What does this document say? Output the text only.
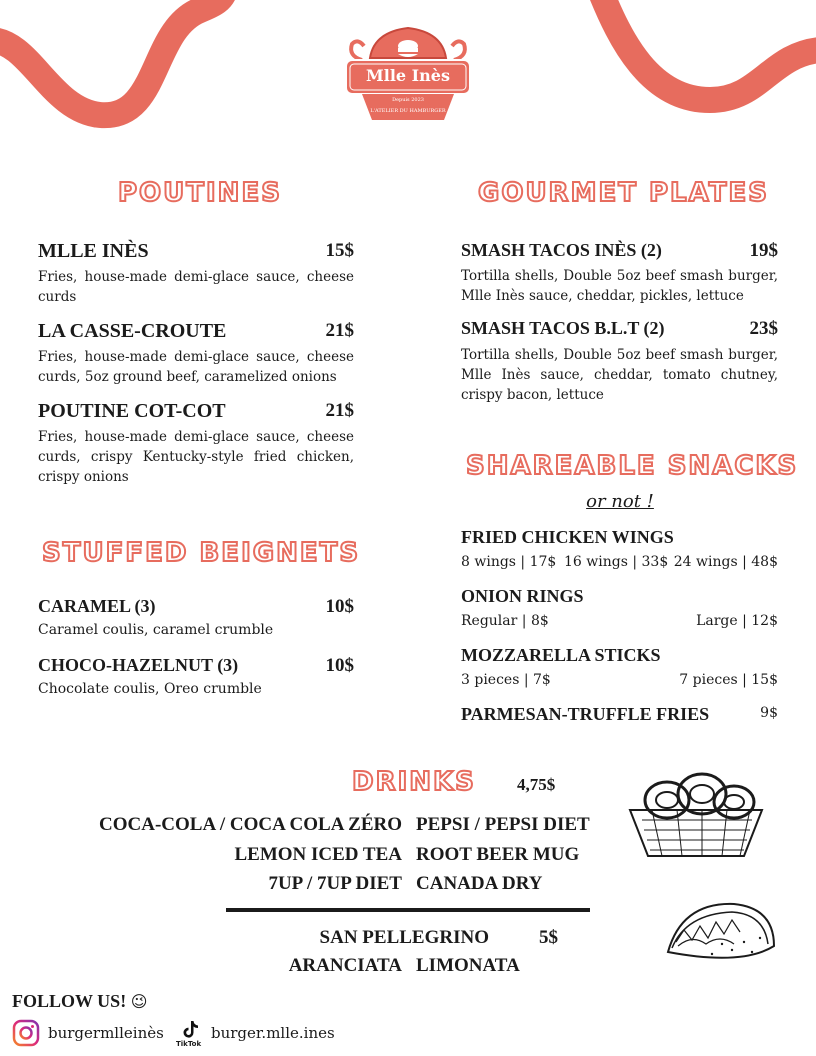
Mlle Inès
Depuis 2023
L'ATELIER DU HAMBURGER
POUTINES
MLLE INÈS	15$
Fries, house-made demi-glace sauce, cheese curds
LA CASSE-CROUTE	21$
Fries, house-made demi-glace sauce, cheese curds, 5oz ground beef, caramelized onions
POUTINE COT-COT	21$
Fries, house-made demi-glace sauce, cheese curds, crispy Kentucky-style fried chicken, crispy onions
GOURMET PLATES
SMASH TACOS INÈS (2)	19$
Tortilla shells, Double 5oz beef smash burger, Mlle Inès sauce, cheddar, pickles, lettuce
SMASH TACOS B.L.T (2)	23$
Tortilla shells, Double 5oz beef smash burger, Mlle Inès sauce, cheddar, tomato chutney, crispy bacon, lettuce
STUFFED BEIGNETS
CARAMEL (3)	10$
Caramel coulis, caramel crumble
CHOCO-HAZELNUT (3)	10$
Chocolate coulis, Oreo crumble
SHAREABLE SNACKS
or not !
FRIED CHICKEN WINGS
8 wings | 17$ 16 wings | 33$ 24 wings | 48$
ONION RINGS
Regular | 8$	Large | 12$
MOZZARELLA STICKS
3 pieces | 7$	7 pieces | 15$
PARMESAN-TRUFFLE FRIES	9$
DRINKS 4,75$
COCA-COLA / COCA COLA ZÉRO PEPSI / PEPSI DIET
LEMON ICED TEA ROOT BEER MUG
7UP / 7UP DIET CANADA DRY
SAN PELLEGRINO	5$
ARANCIATA LIMONATA
FOLLOW US! 😉
burgermlleinès
TikTok
burger.mlle.ines
